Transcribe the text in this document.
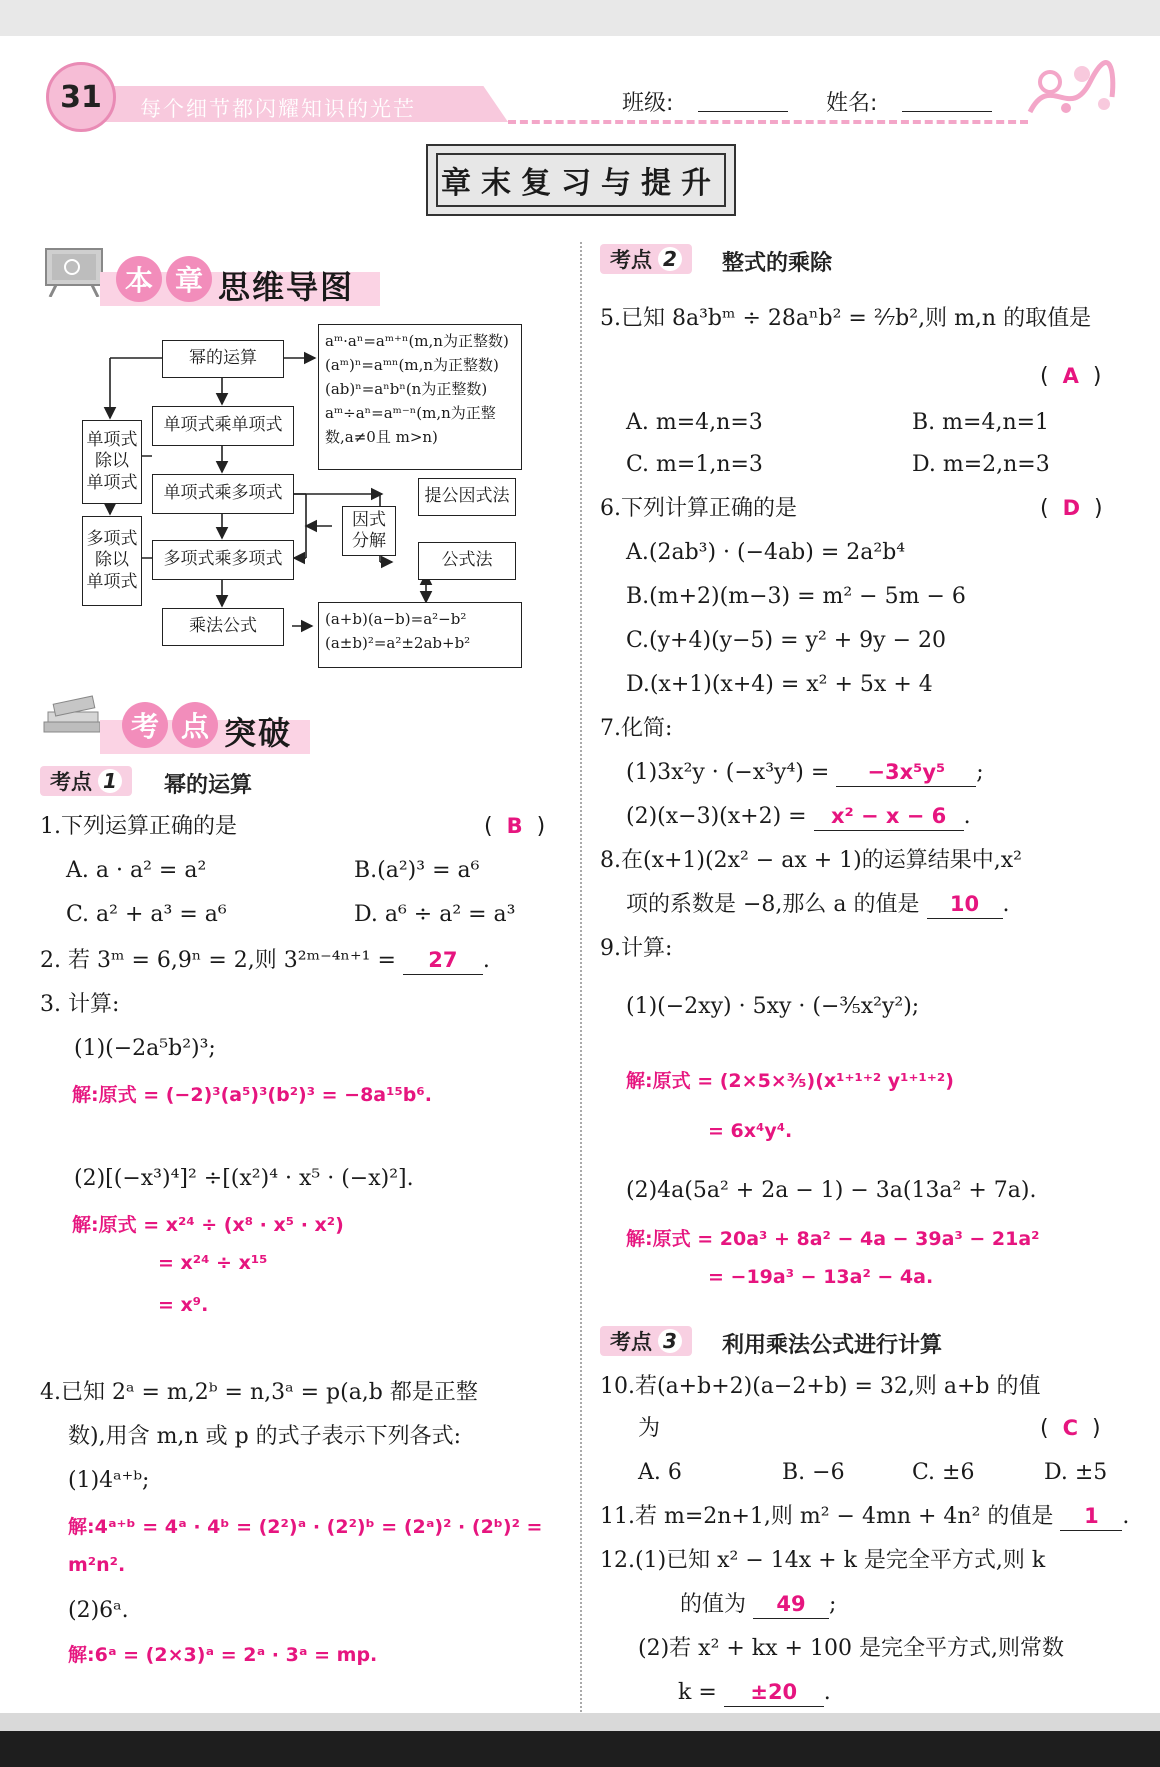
31	每个细节都闪耀知识的光芒	班级:	姓名:
章末复习与提升
本 章 思维导图
幂的运算
单项式乘单项式
单项式乘多项式
多项式乘多项式
乘法公式
单项式
除以
单项式
多项式
除以
单项式
因式
分解
提公因式法
公式法
aᵐ·aⁿ=aᵐ⁺ⁿ(m,n为正整数)
(aᵐ)ⁿ=aᵐⁿ(m,n为正整数)
(ab)ⁿ=aⁿbⁿ(n为正整数)
aᵐ÷aⁿ=aᵐ⁻ⁿ(m,n为正整
数,a≠0且 m>n)
(a+b)(a−b)=a²−b²
(a±b)²=a²±2ab+b²
考 点 突破
考点 1 幂的运算
1.下列运算正确的是	(  B  )
A. a · a² = a²	B.(a²)³ = a⁶
C. a² + a³ = a⁶	D. a⁶ ÷ a² = a³
2. 若 3ᵐ = 6,9ⁿ = 2,则 3²ᵐ⁻⁴ⁿ⁺¹ = 27 .
3. 计算:
(1)(−2a⁵b²)³;
解:原式 = (−2)³(a⁵)³(b²)³ = −8a¹⁵b⁶.
(2)[(−x³)⁴]² ÷[(x²)⁴ · x⁵ · (−x)²].
解:原式 = x²⁴ ÷ (x⁸ · x⁵ · x²)
= x²⁴ ÷ x¹⁵
= x⁹.
4.已知 2ᵃ = m,2ᵇ = n,3ᵃ = p(a,b 都是正整
数),用含 m,n 或 p 的式子表示下列各式:
(1)4ᵃ⁺ᵇ;
解:4ᵃ⁺ᵇ = 4ᵃ · 4ᵇ = (2²)ᵃ · (2²)ᵇ = (2ᵃ)² · (2ᵇ)² =
m²n².
(2)6ᵃ.
解:6ᵃ = (2×3)ᵃ = 2ᵃ · 3ᵃ = mp.
考点 2 整式的乘除
5.已知 8a³bᵐ ÷ 28aⁿb² = ²⁄₇b²,则 m,n 的取值是
(  A  )
A. m=4,n=3	B. m=4,n=1
C. m=1,n=3	D. m=2,n=3
6.下列计算正确的是	(  D  )
A.(2ab³) · (−4ab) = 2a²b⁴
B.(m+2)(m−3) = m² − 5m − 6
C.(y+4)(y−5) = y² + 9y − 20
D.(x+1)(x+4) = x² + 5x + 4
7.化简:
(1)3x²y · (−x³y⁴) = −3x⁵y⁵ ;
(2)(x−3)(x+2) = x² − x − 6 .
8.在(x+1)(2x² − ax + 1)的运算结果中,x²
项的系数是 −8,那么 a 的值是 10 .
9.计算:
(1)(−2xy) · 5xy · (−³⁄₅x²y²);
解:原式 = (2×5×³⁄₅)(x¹⁺¹⁺² y¹⁺¹⁺²)
= 6x⁴y⁴.
(2)4a(5a² + 2a − 1) − 3a(13a² + 7a).
解:原式 = 20a³ + 8a² − 4a − 39a³ − 21a²
= −19a³ − 13a² − 4a.
考点 3 利用乘法公式进行计算
10.若(a+b+2)(a−2+b) = 32,则 a+b 的值
为	(  C  )
A. 6	B. −6	C. ±6	D. ±5
11.若 m=2n+1,则 m² − 4mn + 4n² 的值是 1 .
12.(1)已知 x² − 14x + k 是完全平方式,则 k
的值为 49 ;
(2)若 x² + kx + 100 是完全平方式,则常数
k = ±20 .
